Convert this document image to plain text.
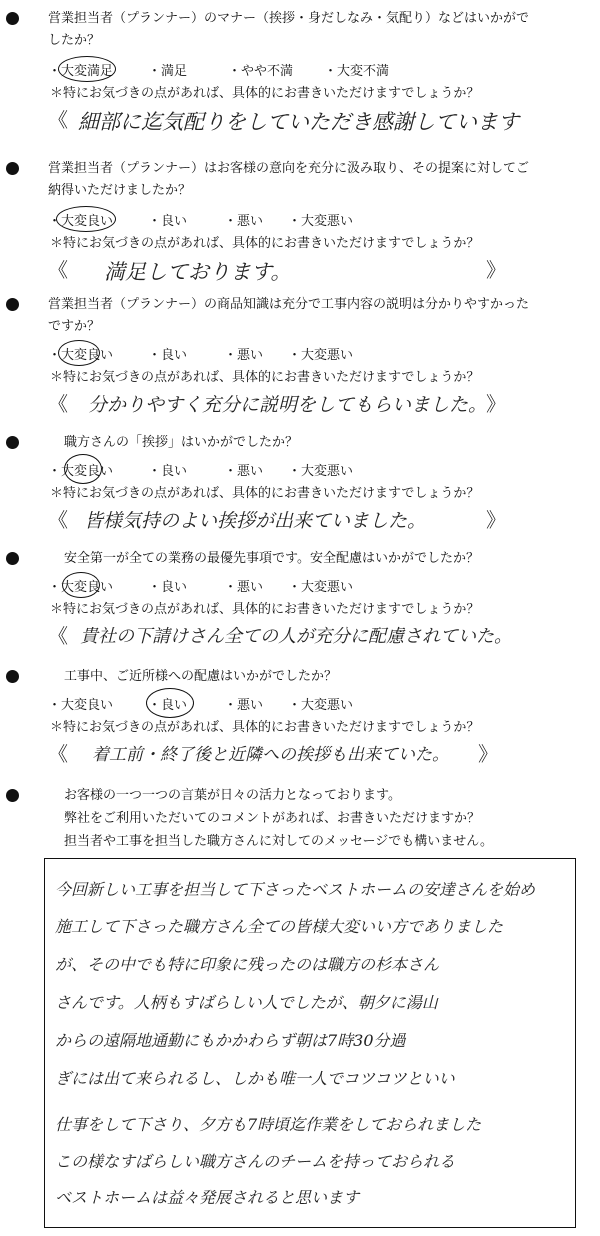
営業担当者（プランナー）のマナー（挨拶・身だしなみ・気配り）などはいかがで
したか？
・大変満足	・満足	・やや不満 ・大変不満
＊特にお気づきの点があれば、具体的にお書きいただけますでしょうか？
《 細部に迄気配りをしていただき感謝しています
営業担当者（プランナー）はお客様の意向を充分に汲み取り、その提案に対してご
納得いただけましたか？
・大変良い	・良い	・悪い ・大変悪い
＊特にお気づきの点があれば、具体的にお書きいただけますでしょうか？
《 満足しております。	》
営業担当者（プランナー）の商品知識は充分で工事内容の説明は分かりやすかった
ですか？
・大変良い	・良い	・悪い ・大変悪い
＊特にお気づきの点があれば、具体的にお書きいただけますでしょうか？
《 分かりやすく充分に説明をしてもらいました。
》
職方さんの「挨拶」はいかがでしたか？
・大変良い	・良い	・悪い ・大変悪い
＊特にお気づきの点があれば、具体的にお書きいただけますでしょうか？
《 皆様気持のよい挨拶が出来ていました。	》
安全第一が全ての業務の最優先事項です。安全配慮はいかがでしたか？
・大変良い	・良い	・悪い ・大変悪い
＊特にお気づきの点があれば、具体的にお書きいただけますでしょうか？
《 貴社の下請けさん全ての人が充分に配慮されていた。
工事中、ご近所様への配慮はいかがでしたか？
・大変良い	・良い	・悪い ・大変悪い
＊特にお気づきの点があれば、具体的にお書きいただけますでしょうか？
《 着工前・終了後と近隣への挨拶も出来ていた。 》
お客様の一つ一つの言葉が日々の活力となっております。
弊社をご利用いただいてのコメントがあれば、お書きいただけますか？
担当者や工事を担当した職方さんに対してのメッセージでも構いません。
今回新しい工事を担当して下さったベストホームの安達さんを始め
施工して下さった職方さん全ての皆様大変いい方でありました
が、その中でも特に印象に残ったのは職方の杉本さん
さんです。人柄もすばらしい人でしたが、朝夕に湯山
からの遠隔地通勤にもかかわらず朝は7時30分過
ぎには出て来られるし、しかも唯一人でコツコツといい
仕事をして下さり、夕方も7時頃迄作業をしておられました
この様なすばらしい職方さんのチームを持っておられる
ベストホームは益々発展されると思います
